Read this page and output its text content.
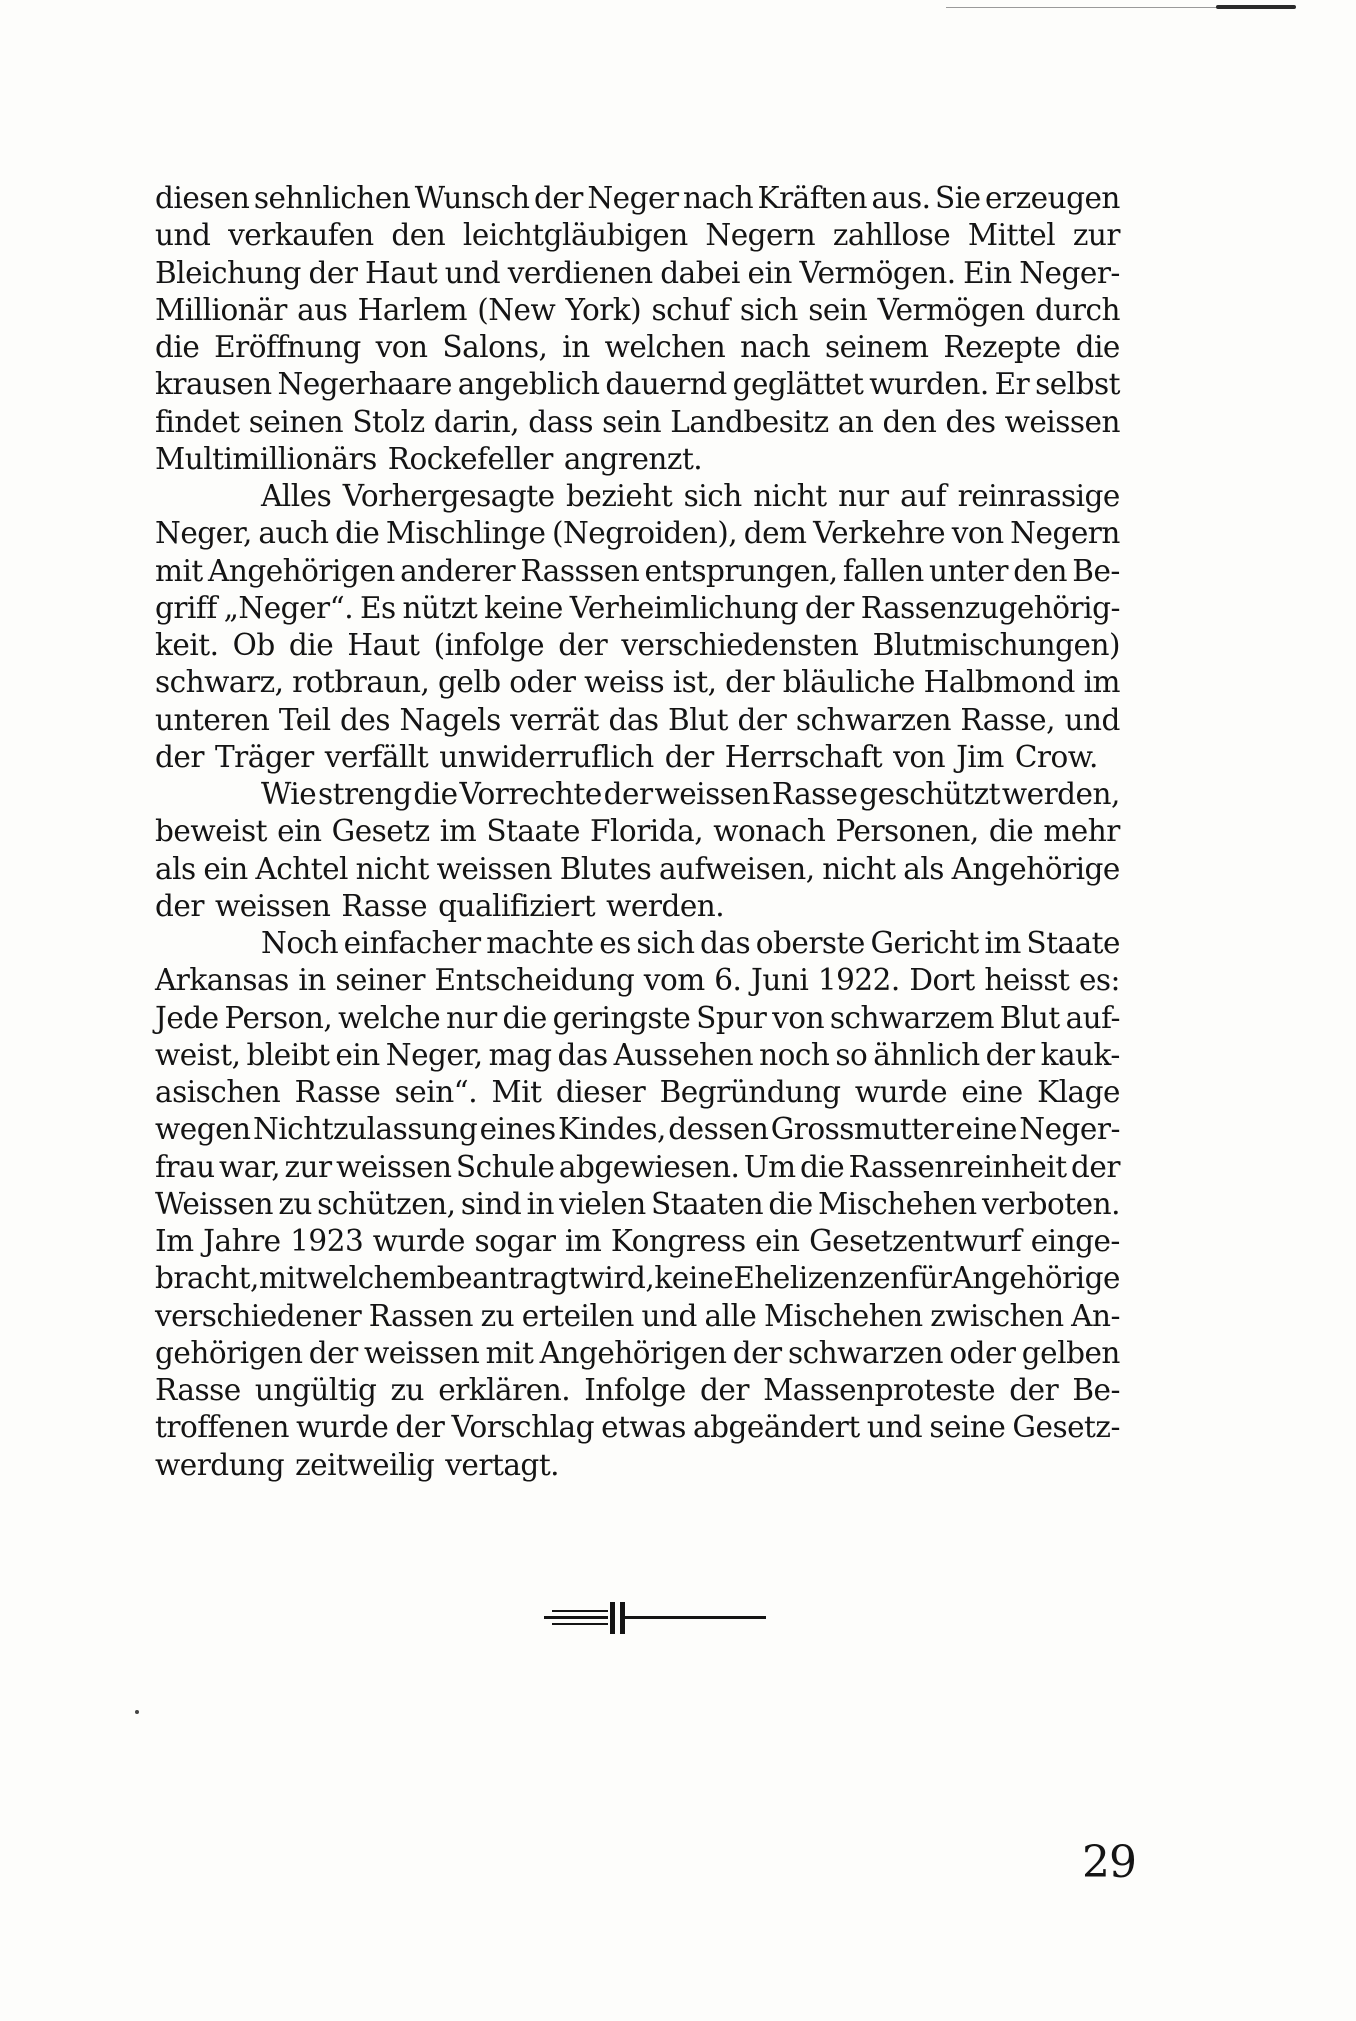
diesen sehnlichen Wunsch der Neger nach Kräften aus. Sie erzeugen
und verkaufen den leichtgläubigen Negern zahllose Mittel zur
Bleichung der Haut und verdienen dabei ein Vermögen. Ein Neger-
Millionär aus Harlem (New York) schuf sich sein Vermögen durch
die Eröffnung von Salons, in welchen nach seinem Rezepte die
krausen Negerhaare angeblich dauernd geglättet wurden. Er selbst
findet seinen Stolz darin, dass sein Landbesitz an den des weissen
Multimillionärs Rockefeller angrenzt.
Alles Vorhergesagte bezieht sich nicht nur auf reinrassige
Neger, auch die Mischlinge (Negroiden), dem Verkehre von Negern
mit Angehörigen anderer Rasssen entsprungen, fallen unter den Be-
griff „Neger“. Es nützt keine Verheimlichung der Rassenzugehörig-
keit. Ob die Haut (infolge der verschiedensten Blutmischungen)
schwarz, rotbraun, gelb oder weiss ist, der bläuliche Halbmond im
unteren Teil des Nagels verrät das Blut der schwarzen Rasse, und
der Träger verfällt unwiderruflich der Herrschaft von Jim Crow.
Wie streng die Vorrechte der weissen Rasse geschützt werden,
beweist ein Gesetz im Staate Florida, wonach Personen, die mehr
als ein Achtel nicht weissen Blutes aufweisen, nicht als Angehörige
der weissen Rasse qualifiziert werden.
Noch einfacher machte es sich das oberste Gericht im Staate
Arkansas in seiner Entscheidung vom 6. Juni 1922. Dort heisst es:
Jede Person, welche nur die geringste Spur von schwarzem Blut auf-
weist, bleibt ein Neger, mag das Aussehen noch so ähnlich der kauk-
asischen Rasse sein“. Mit dieser Begründung wurde eine Klage
wegen Nichtzulassung eines Kindes, dessen Grossmutter eine Neger-
frau war, zur weissen Schule abgewiesen. Um die Rassenreinheit der
Weissen zu schützen, sind in vielen Staaten die Mischehen verboten.
Im Jahre 1923 wurde sogar im Kongress ein Gesetzentwurf einge-
bracht, mit welchem beantragt wird, keine Ehelizenzen für Angehörige
verschiedener Rassen zu erteilen und alle Mischehen zwischen An-
gehörigen der weissen mit Angehörigen der schwarzen oder gelben
Rasse ungültig zu erklären. Infolge der Massenproteste der Be-
troffenen wurde der Vorschlag etwas abgeändert und seine Gesetz-
werdung zeitweilig vertagt.
29
